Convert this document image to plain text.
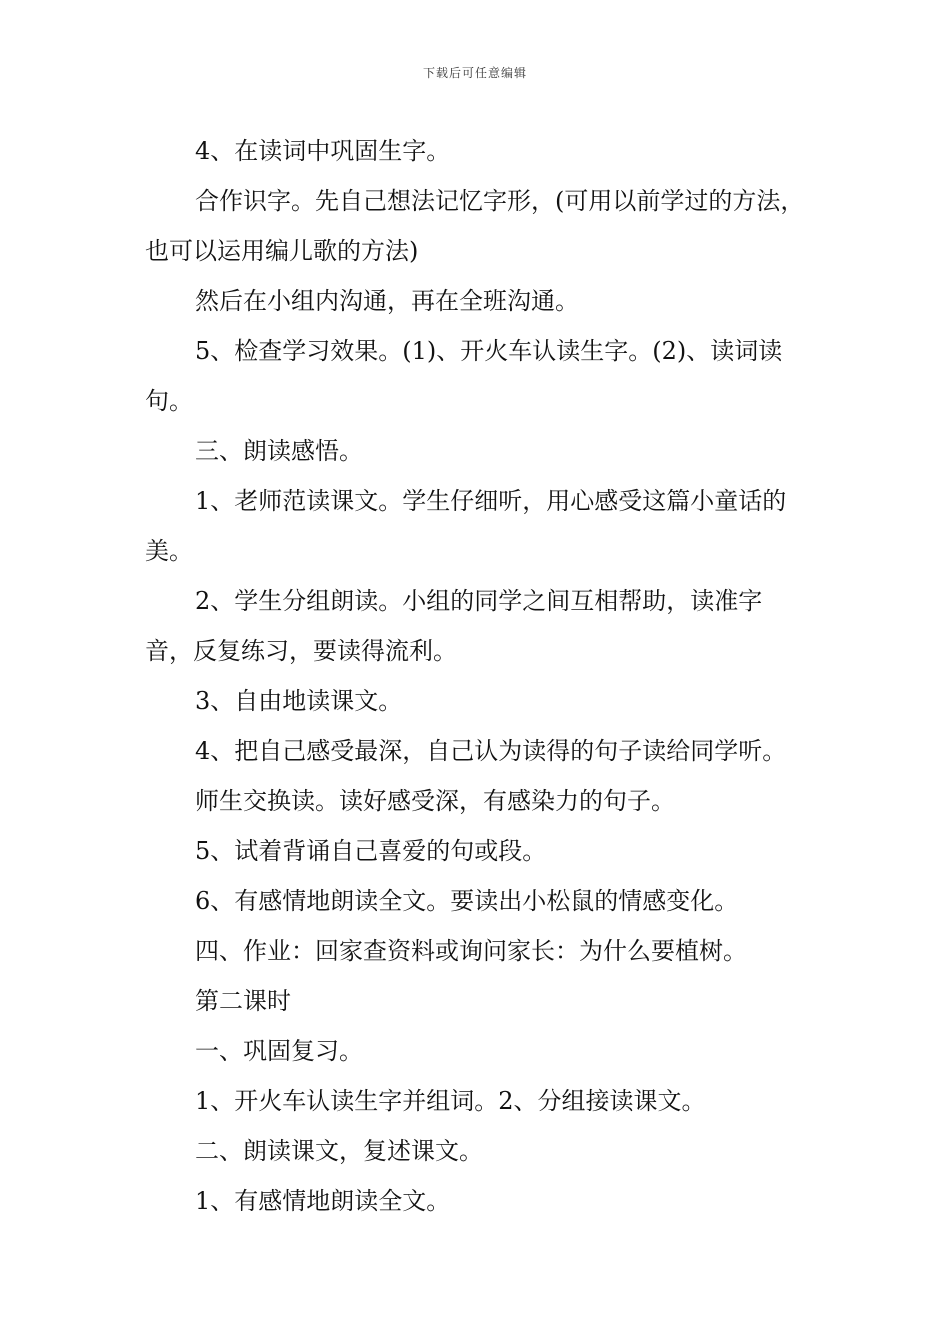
下载后可任意编辑

4、在读词中巩固生字。

合作识字。先自己想法记忆字形，(可用以前学过的方法，也可以运用编儿歌的方法)

然后在小组内沟通，再在全班沟通。

5、检查学习效果。(1)、开火车认读生字。(2)、读词读句。

三、朗读感悟。

1、老师范读课文。学生仔细听，用心感受这篇小童话的美。

2、学生分组朗读。小组的同学之间互相帮助，读准字音，反复练习，要读得流利。

3、自由地读课文。

4、把自己感受最深，自己认为读得的句子读给同学听。

师生交换读。读好感受深，有感染力的句子。

5、试着背诵自己喜爱的句或段。

6、有感情地朗读全文。要读出小松鼠的情感变化。

四、作业：回家查资料或询问家长：为什么要植树。

第二课时

一、巩固复习。

1、开火车认读生字并组词。2、分组接读课文。

二、朗读课文，复述课文。

1、有感情地朗读全文。
